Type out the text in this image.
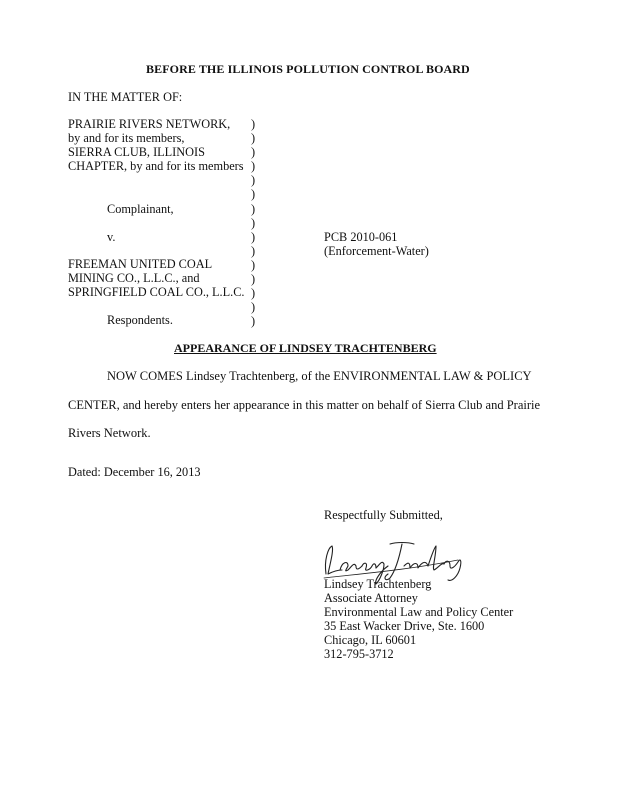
BEFORE THE ILLINOIS POLLUTION CONTROL BOARD
IN THE MATTER OF:
PRAIRIE RIVERS NETWORK,
by and for its members,
SIERRA CLUB, ILLINOIS
CHAPTER, by and for its members
Complainant,
v.
FREEMAN UNITED COAL
MINING CO., L.L.C., and
SPRINGFIELD COAL CO., L.L.C.
Respondents.
)
)
)
)
)
)
)
)
)
)
)
)
)
)
)
PCB 2010-061
(Enforcement-Water)
APPEARANCE OF LINDSEY TRACHTENBERG
NOW COMES Lindsey Trachtenberg, of the ENVIRONMENTAL LAW & POLICY
CENTER, and hereby enters her appearance in this matter on behalf of Sierra Club and Prairie
Rivers Network.
Dated: December 16, 2013
Respectfully Submitted,
Lindsey Trachtenberg
Associate Attorney
Environmental Law and Policy Center
35 East Wacker Drive, Ste. 1600
Chicago, IL 60601
312-795-3712
